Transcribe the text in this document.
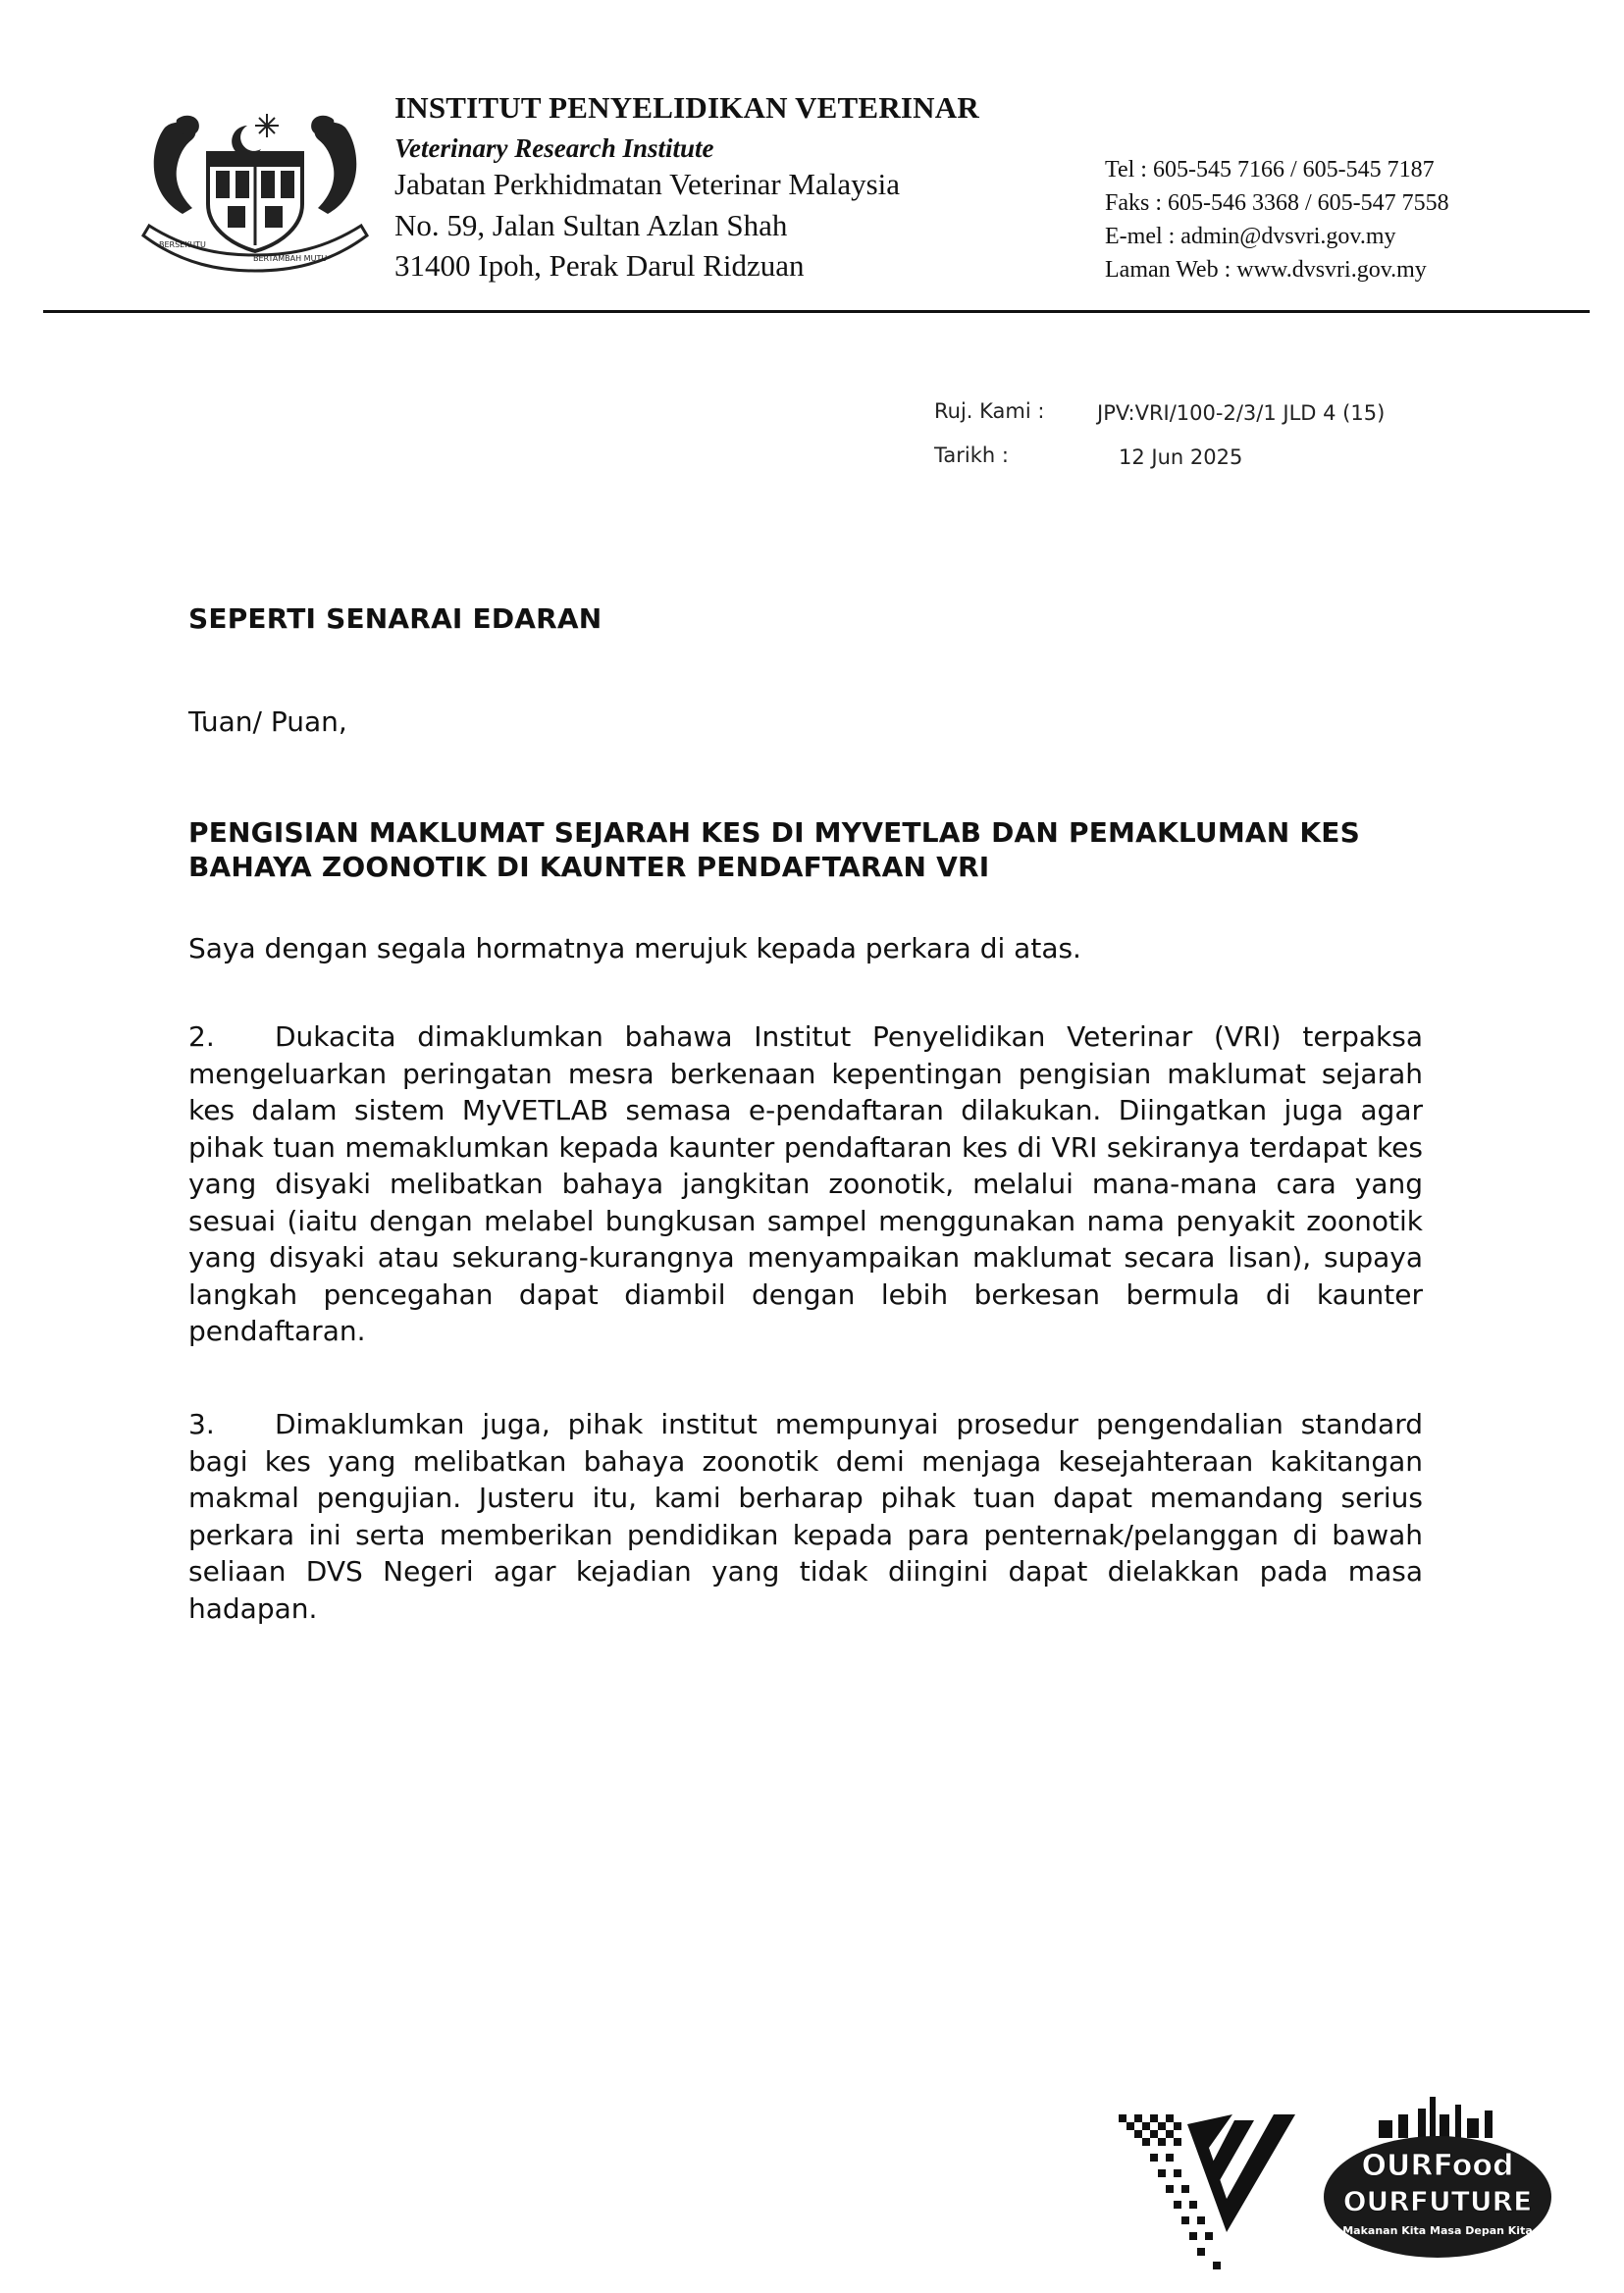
BERSEKUTU
BERTAMBAH MUTU
INSTITUT PENYELIDIKAN VETERINAR
Veterinary Research Institute
Jabatan Perkhidmatan Veterinar Malaysia
No. 59, Jalan Sultan Azlan Shah
31400 Ipoh, Perak Darul Ridzuan
Tel : 605-545 7166 / 605-545 7187
Faks : 605-546 3368 / 605-547 7558
E-mel : admin@dvsvri.gov.my
Laman Web : www.dvsvri.gov.my
Ruj. Kami :	JPV:VRI/100-2/3/1 JLD 4 (15)
Tarikh :	12 Jun 2025
SEPERTI SENARAI EDARAN
Tuan/ Puan,
PENGISIAN MAKLUMAT SEJARAH KES DI MYVETLAB DAN PEMAKLUMAN KES BAHAYA ZOONOTIK DI KAUNTER PENDAFTARAN VRI
Saya dengan segala hormatnya merujuk kepada perkara di atas.
2. Dukacita dimaklumkan bahawa Institut Penyelidikan Veterinar (VRI) terpaksa mengeluarkan peringatan mesra berkenaan kepentingan pengisian maklumat sejarah kes dalam sistem MyVETLAB semasa e-pendaftaran dilakukan. Diingatkan juga agar pihak tuan memaklumkan kepada kaunter pendaftaran kes di VRI sekiranya terdapat kes yang disyaki melibatkan bahaya jangkitan zoonotik, melalui mana-mana cara yang sesuai (iaitu dengan melabel bungkusan sampel menggunakan nama penyakit zoonotik yang disyaki atau sekurang-kurangnya menyampaikan maklumat secara lisan), supaya langkah pencegahan dapat diambil dengan lebih berkesan bermula di kaunter pendaftaran.
3. Dimaklumkan juga, pihak institut mempunyai prosedur pengendalian standard bagi kes yang melibatkan bahaya zoonotik demi menjaga kesejahteraan kakitangan makmal pengujian. Justeru itu, kami berharap pihak tuan dapat memandang serius perkara ini serta memberikan pendidikan kepada para penternak/pelanggan di bawah seliaan DVS Negeri agar kejadian yang tidak diingini dapat dielakkan pada masa hadapan.
OURFood
OURFUTURE
Makanan Kita Masa Depan Kita
